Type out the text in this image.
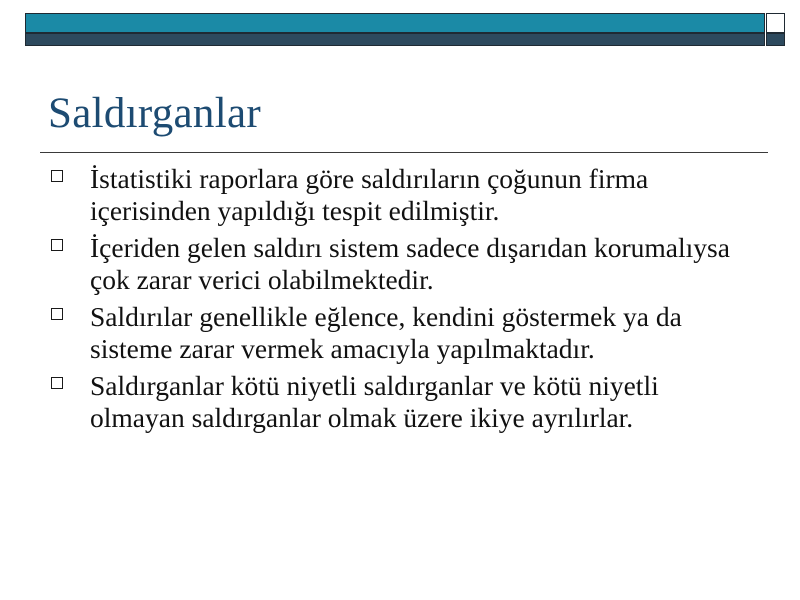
Saldırganlar
İstatistiki raporlara göre saldırıların çoğunun firma içerisinden yapıldığı tespit edilmiştir.
İçeriden gelen saldırı sistem sadece dışarıdan korumalıysa çok zarar verici olabilmektedir.
Saldırılar genellikle eğlence, kendini göstermek ya da sisteme zarar vermek amacıyla yapılmaktadır.
Saldırganlar kötü niyetli saldırganlar ve kötü niyetli olmayan saldırganlar olmak üzere ikiye ayrılırlar.
